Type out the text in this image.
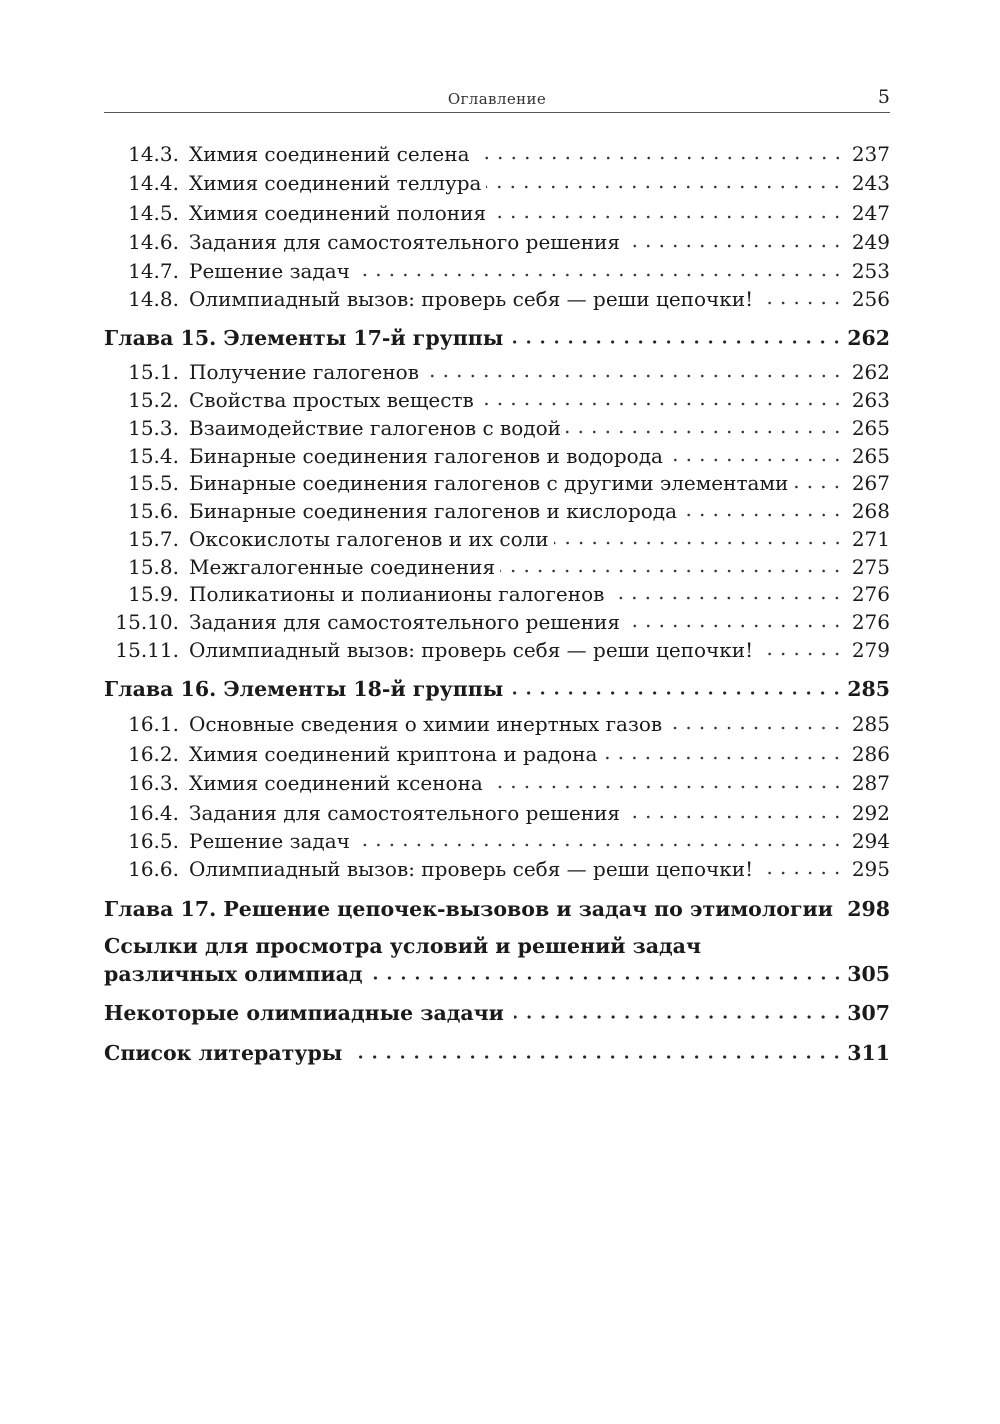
Оглавление	5
14.3. Химия соединений селена	237
14.4. Химия соединений теллура	243
14.5. Химия соединений полония	247
14.6. Задания для самостоятельного решения	249
14.7. Решение задач	253
14.8. Олимпиадный вызов: проверь себя — реши цепочки!	256
Глава 15. Элементы 17-й группы	262
15.1. Получение галогенов	262
15.2. Свойства простых веществ	263
15.3. Взаимодействие галогенов с водой	265
15.4. Бинарные соединения галогенов и водорода	265
15.5. Бинарные соединения галогенов с другими элементами	267
15.6. Бинарные соединения галогенов и кислорода	268
15.7. Оксокислоты галогенов и их соли	271
15.8. Межгалогенные соединения	275
15.9. Поликатионы и полианионы галогенов	276
15.10. Задания для самостоятельного решения	276
15.11. Олимпиадный вызов: проверь себя — реши цепочки!	279
Глава 16. Элементы 18-й группы	285
16.1. Основные сведения о химии инертных газов	285
16.2. Химия соединений криптона и радона	286
16.3. Химия соединений ксенона	287
16.4. Задания для самостоятельного решения	292
16.5. Решение задач	294
16.6. Олимпиадный вызов: проверь себя — реши цепочки!	295
Глава 17. Решение цепочек-вызовов и задач по этимологии 298
Ссылки для просмотра условий и решений задач
различных олимпиад	305
Некоторые олимпиадные задачи	307
Список литературы	311
